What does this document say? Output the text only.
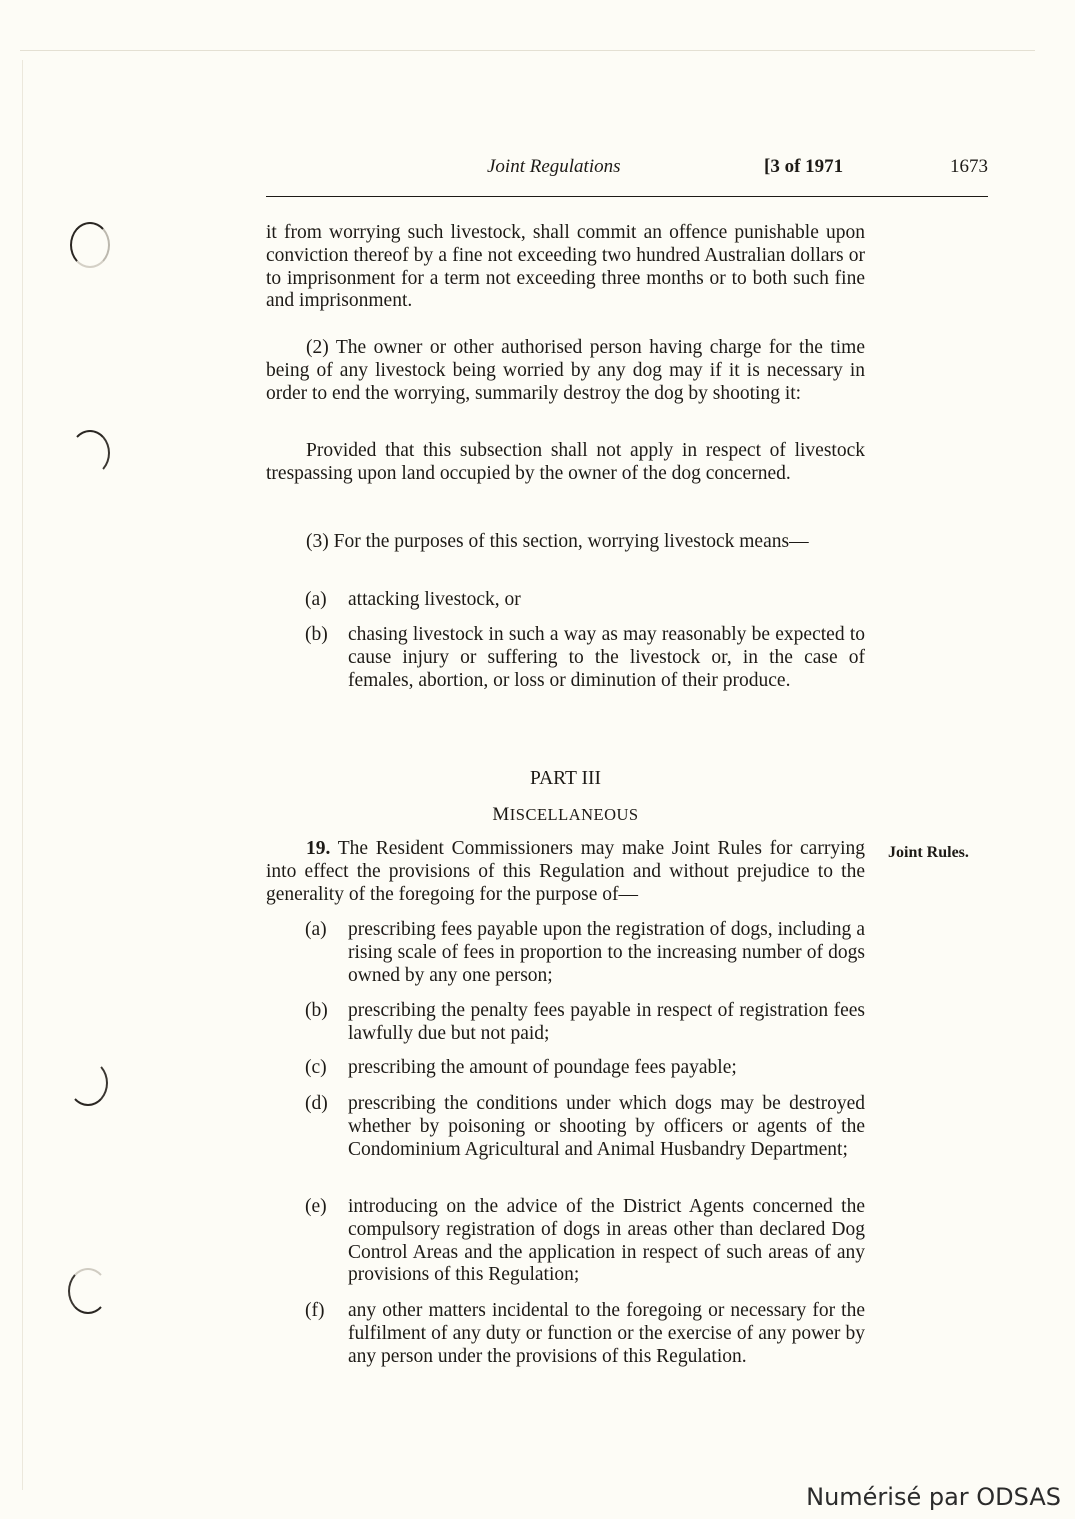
Joint Regulations	[3 of 1971	1673

it from worrying such livestock, shall commit an offence punishable upon conviction thereof by a fine not exceeding two hundred Australian dollars or to imprisonment for a term not exceeding three months or to both such fine and imprisonment.

(2) The owner or other authorised person having charge for the time being of any livestock being worried by any dog may if it is necessary in order to end the worrying, summarily destroy the dog by shooting it:

Provided that this subsection shall not apply in respect of livestock trespassing upon land occupied by the owner of the dog concerned.

(3) For the purposes of this section, worrying livestock means—

(a) attacking livestock, or
(b) chasing livestock in such a way as may reasonably be expected to cause injury or suffering to the livestock or, in the case of females, abortion, or loss or diminution of their produce.
PART III
MISCELLANEOUS

19. The Resident Commissioners may make Joint Rules for carrying into effect the provisions of this Regulation and without prejudice to the generality of the foregoing for the purpose of—

Joint Rules.
(a) prescribing fees payable upon the registration of dogs, including a rising scale of fees in proportion to the increasing number of dogs owned by any one person;
(b) prescribing the penalty fees payable in respect of registration fees lawfully due but not paid;
(c) prescribing the amount of poundage fees payable;
(d) prescribing the conditions under which dogs may be destroyed whether by poisoning or shooting by officers or agents of the Condominium Agricultural and Animal Husbandry Department;
(e) introducing on the advice of the District Agents concerned the compulsory registration of dogs in areas other than declared Dog Control Areas and the application in respect of such areas of any provisions of this Regulation;
(f) any other matters incidental to the foregoing or necessary for the fulfilment of any duty or function or the exercise of any power by any person under the provisions of this Regulation.
Numérisé par ODSAS
